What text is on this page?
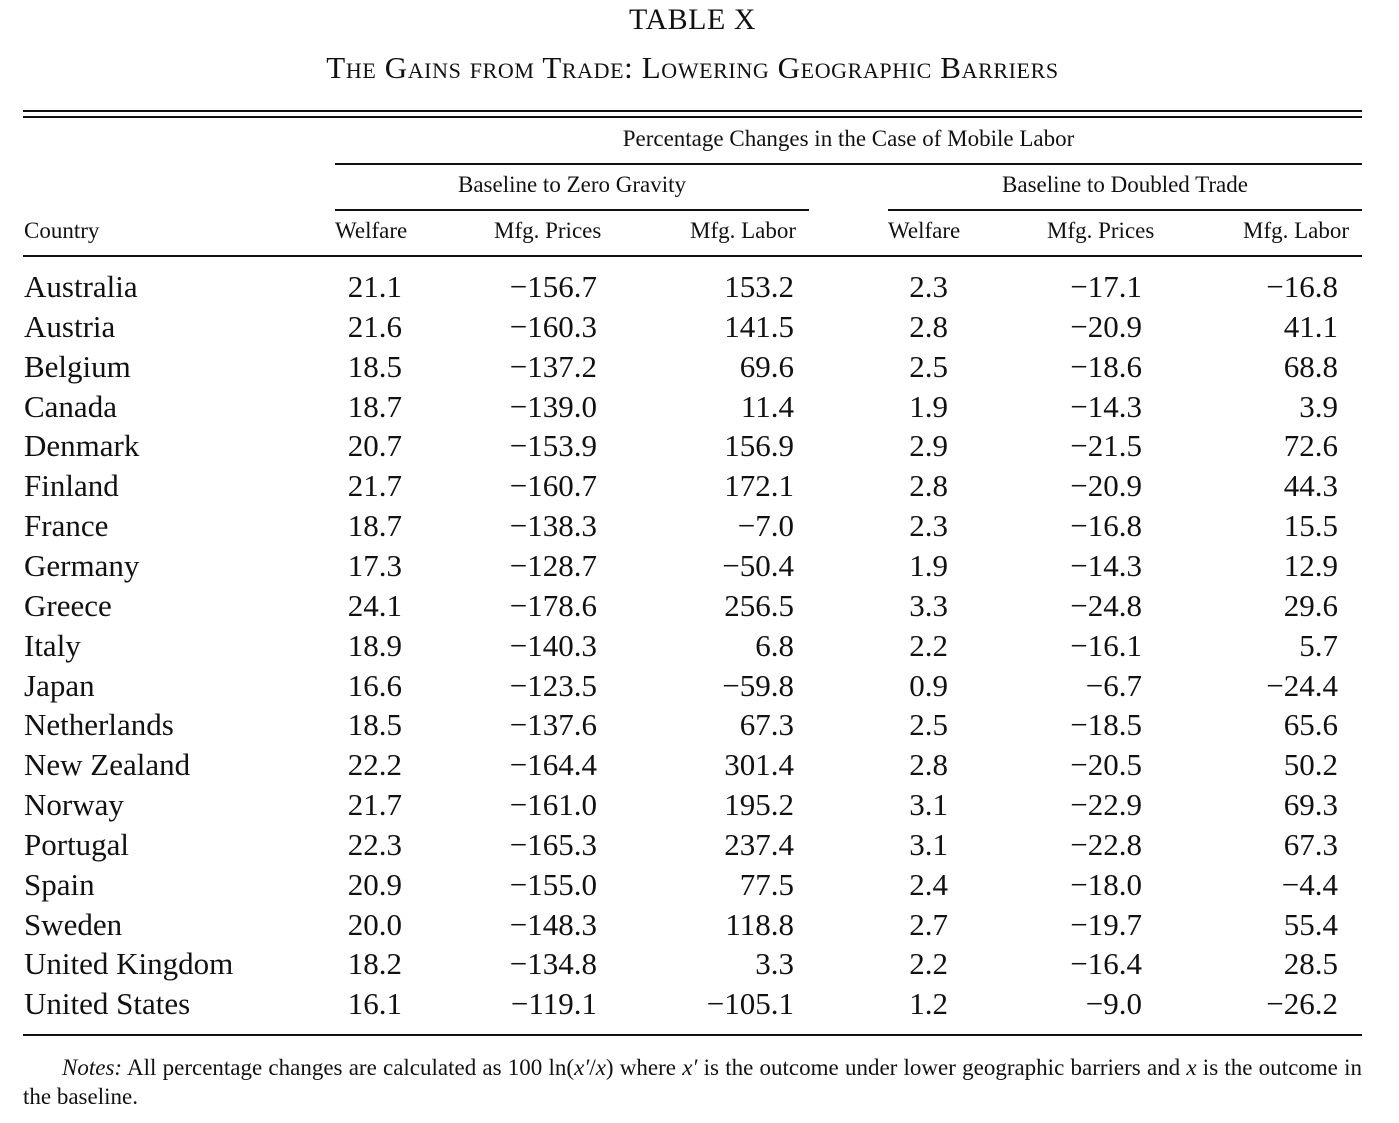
TABLE X
The Gains from Trade: Lowering Geographic Barriers
Percentage Changes in the Case of Mobile Labor
Baseline to Zero Gravity	Baseline to Doubled Trade
Country	Welfare	Mfg. Prices	Mfg. Labor	Welfare	Mfg. Prices	Mfg. Labor
Australia	21.1	−156.7	153.2	2.3	−17.1	−16.8
Austria	21.6	−160.3	141.5	2.8	−20.9	41.1
Belgium	18.5	−137.2	69.6	2.5	−18.6	68.8
Canada	18.7	−139.0	11.4	1.9	−14.3	3.9
Denmark	20.7	−153.9	156.9	2.9	−21.5	72.6
Finland	21.7	−160.7	172.1	2.8	−20.9	44.3
France	18.7	−138.3	−7.0	2.3	−16.8	15.5
Germany	17.3	−128.7	−50.4	1.9	−14.3	12.9
Greece	24.1	−178.6	256.5	3.3	−24.8	29.6
Italy	18.9	−140.3	6.8	2.2	−16.1	5.7
Japan	16.6	−123.5	−59.8	0.9	−6.7	−24.4
Netherlands	18.5	−137.6	67.3	2.5	−18.5	65.6
New Zealand	22.2	−164.4	301.4	2.8	−20.5	50.2
Norway	21.7	−161.0	195.2	3.1	−22.9	69.3
Portugal	22.3	−165.3	237.4	3.1	−22.8	67.3
Spain	20.9	−155.0	77.5	2.4	−18.0	−4.4
Sweden	20.0	−148.3	118.8	2.7	−19.7	55.4
United Kingdom	18.2	−134.8	3.3	2.2	−16.4	28.5
United States	16.1	−119.1	−105.1	1.2	−9.0	−26.2
Notes: All percentage changes are calculated as 100 ln(x′/x) where x′ is the outcome under lower geographic barriers and x is the outcome in the baseline.
